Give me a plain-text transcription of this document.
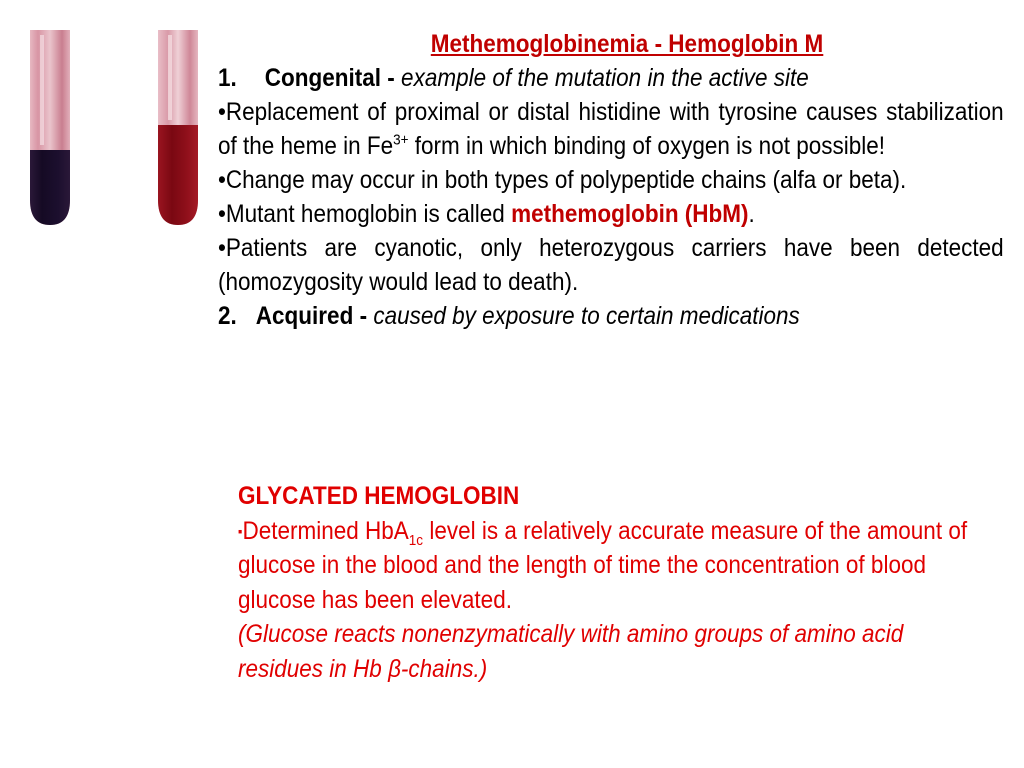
Methemoglobinemia - Hemoglobin M
1. Congenital - example of the mutation in the active site
•Replacement of proximal or distal histidine with tyrosine causes stabilization of the heme in $Fe^{3+}$ form in which binding of oxygen is not possible!
•Change may occur in both types of polypeptide chains (alfa or beta).
•Mutant hemoglobin is called methemoglobin (HbM).
•Patients are cyanotic, only heterozygous carriers have been detected (homozygosity would lead to death).
2. Acquired - caused by exposure to certain medications
GLYCATED HEMOGLOBIN
▪Determined HbA$_{1c}$ level is a relatively accurate measure of the amount of glucose in the blood and the length of time the concentration of blood glucose has been elevated.
(Glucose reacts nonenzymatically with amino groups of amino acid residues in Hb β-chains.)
